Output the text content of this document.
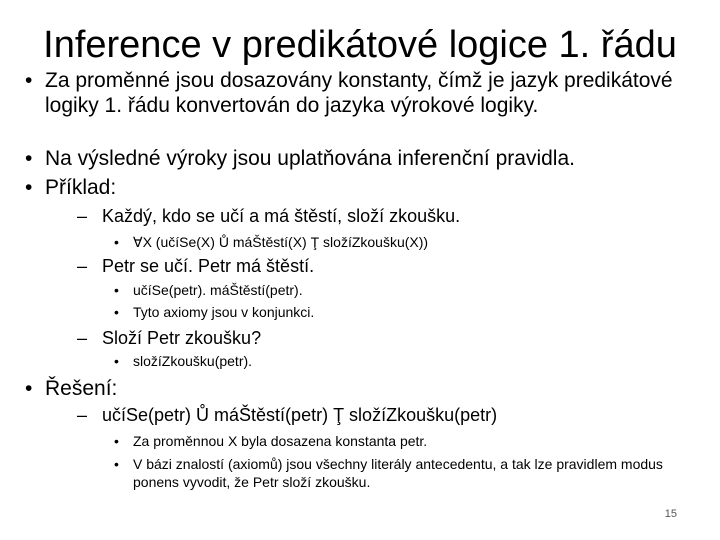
Inference v predikátové logice 1. řádu
• Za proměnné jsou dosazovány konstanty, čímž je jazyk predikátové logiky 1. řádu konvertován do jazyka výrokové logiky.
• Na výsledné výroky jsou uplatňována inferenční pravidla.
• Příklad:
– Každý, kdo se učí a má štěstí, složí zkoušku.
• ∀X (učíSe(X) Ů máŠtěstí(X) Ţ složíZkoušku(X))
– Petr se učí. Petr má štěstí.
• učíSe(petr). máŠtěstí(petr).
• Tyto axiomy jsou v konjunkci.
– Složí Petr zkoušku?
• složíZkoušku(petr).
• Řešení:
– učíSe(petr) Ů máŠtěstí(petr) Ţ složíZkoušku(petr)
• Za proměnnou X byla dosazena konstanta petr.
• V bázi znalostí (axiomů) jsou všechny literály antecedentu, a tak lze pravidlem modus ponens vyvodit, že Petr složí zkoušku.
15
